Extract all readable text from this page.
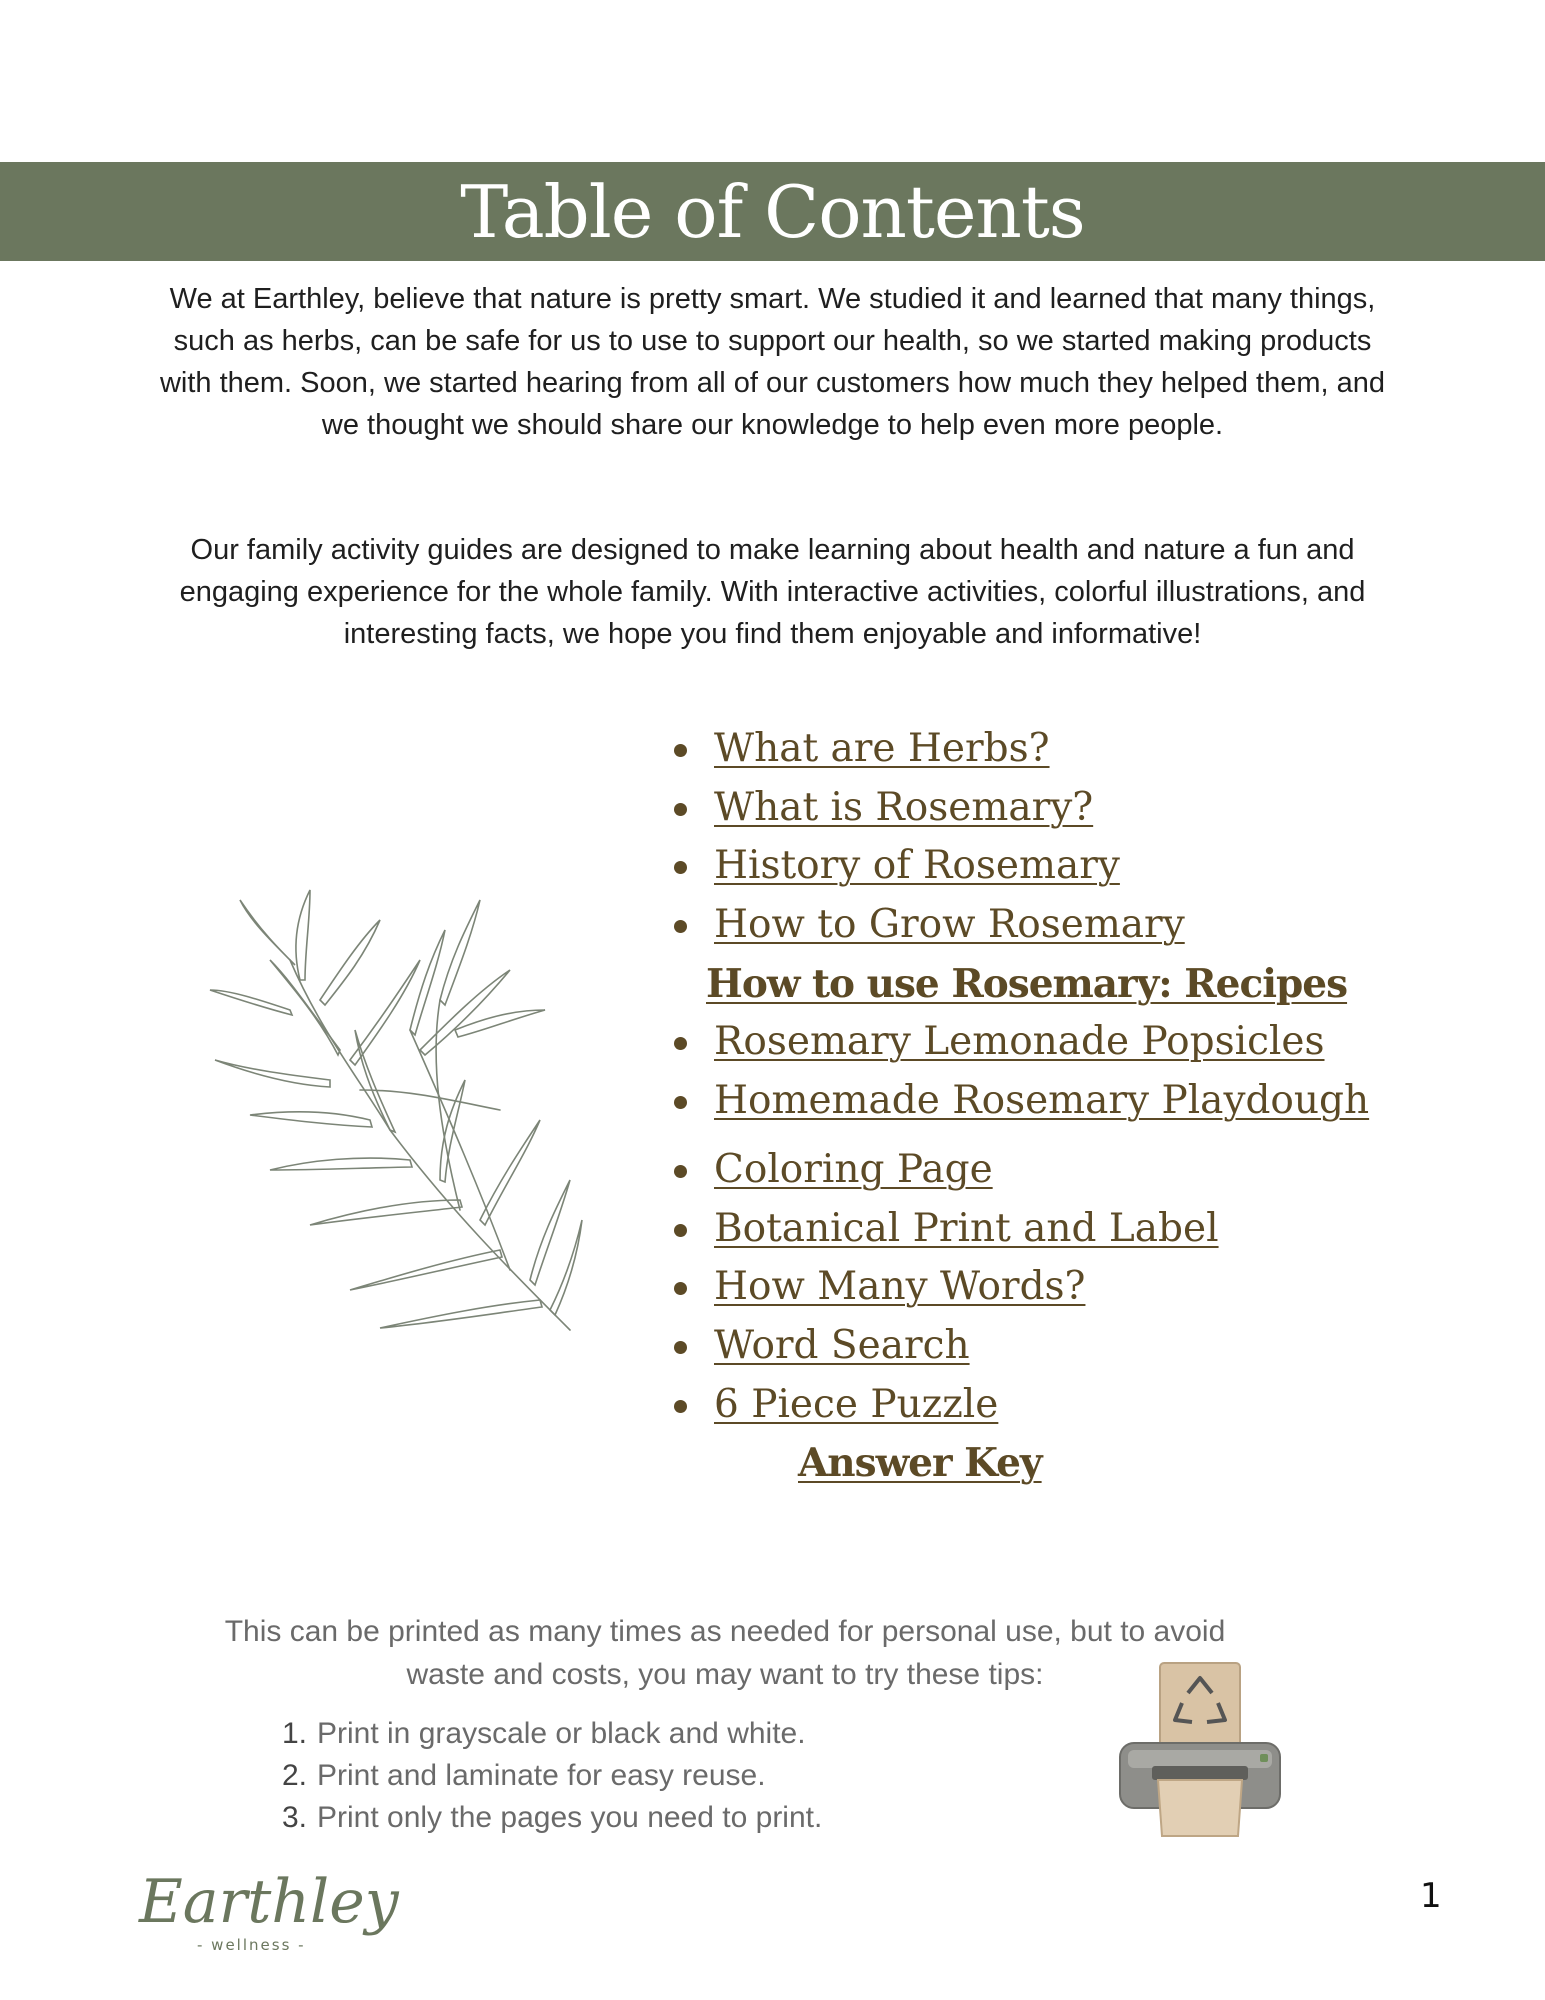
Table of Contents

We at Earthley, believe that nature is pretty smart. We studied it and learned that many things, such as herbs, can be safe for us to use to support our health, so we started making products with them. Soon, we started hearing from all of our customers how much they helped them, and we thought we should share our knowledge to help even more people.

Our family activity guides are designed to make learning about health and nature a fun and engaging experience for the whole family. With interactive activities, colorful illustrations, and interesting facts, we hope you find them enjoyable and informative!

What are Herbs?
What is Rosemary?
History of Rosemary
How to Grow Rosemary
How to use Rosemary: Recipes
Rosemary Lemonade Popsicles
Homemade Rosemary Playdough
Coloring Page
Botanical Print and Label
How Many Words?
Word Search
6 Piece Puzzle
Answer Key

This can be printed as many times as needed for personal use, but to avoid waste and costs, you may want to try these tips:

1. Print in grayscale or black and white.
2. Print and laminate for easy reuse.
3. Print only the pages you need to print.
Earthley
- wellness -
1
